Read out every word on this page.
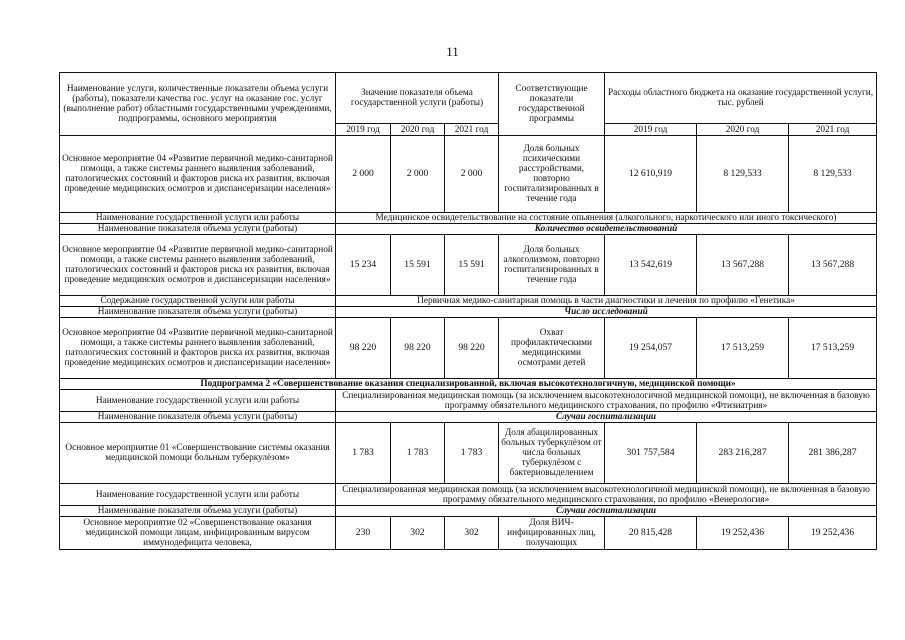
11
Наименование услуги, количественные показатели объема услуги (работы), показатели качества гос. услуг на оказание гос. услуг (выполнение работ) областными государственными учреждениями, подпрограммы, основного мероприятия	Значение показателя объема государственной услуги (работы)			Соответствующие показатели государственной программы	Расходы областного бюджета на оказание государственной услуги, тыс. рублей		
	2019 год	2020 год	2021 год		2019 год	2020 год	2021 год
Основное мероприятие 04 «Развитие первичной медико-санитарной помощи, а также системы раннего выявления заболеваний, патологических состояний и факторов риска их развития, включая проведение медицинских осмотров и диспансеризации населения»	2 000	2 000	2 000	Доля больных психическими расстройствами, повторно госпитализированных в течение года	12 610,919	8 129,533	8 129,533
Наименование государственной услуги или работы	Медицинское освидетельствование на состояние опьянения (алкогольного, наркотического или иного токсического)						
Наименование показателя объема услуги (работы)	Количество освидетельствований						
Основное мероприятие 04 «Развитие первичной медико-санитарной помощи, а также системы раннего выявления заболеваний, патологических состояний и факторов риска их развития, включая проведение медицинских осмотров и диспансеризации населения»	15 234	15 591	15 591	Доля больных алкоголизмом, повторно госпитализированных в течение года	13 542,619	13 567,288	13 567,288
Содержание государственной услуги или работы	Первичная медико-санитарная помощь в части диагностики и лечения по профилю «Генетика»						
Наименование показателя объема услуги (работы)	Число исследований						
Основное мероприятие 04 «Развитие первичной медико-санитарной помощи, а также системы раннего выявления заболеваний, патологических состояний и факторов риска их развития, включая проведение медицинских осмотров и диспансеризации населения»	98 220	98 220	98 220	Охват профилактическими медицинскими осмотрами детей	19 254,057	17 513,259	17 513,259
Подпрограмма 2 «Совершенствование оказания специализированной, включая высокотехнологичную, медицинской помощи»							
Наименование государственной услуги или работы	Специализированная медицинская помощь (за исключением высокотехнологичной медицинской помощи), не включенная в базовую программу обязательного медицинского страхования, по профилю «Фтизиатрия»						
Наименование показателя объема услуги (работы)	Случаи госпитализации						
Основное мероприятие 01 «Совершенствование системы оказания медицинской помощи больным туберкулёзом»	1 783	1 783	1 783	Доля абацилированных больных туберкулёзом от числа больных туберкулёзом с бактериовыделением	301 757,584	283 216,287	281 386,287
Наименование государственной услуги или работы	Специализированная медицинская помощь (за исключением высокотехнологичной медицинской помощи), не включенная в базовую программу обязательного медицинского страхования, по профилю «Венерология»						
Наименование показателя объема услуги (работы)	Случаи госпитализации						
Основное мероприятие 02 «Совершенствование оказания медицинской помощи лицам, инфицированным вирусом иммунодефицита человека,	230	302	302	Доля ВИЧ-инфицированных лиц, получающих	20 815,428	19 252,436	19 252,436
